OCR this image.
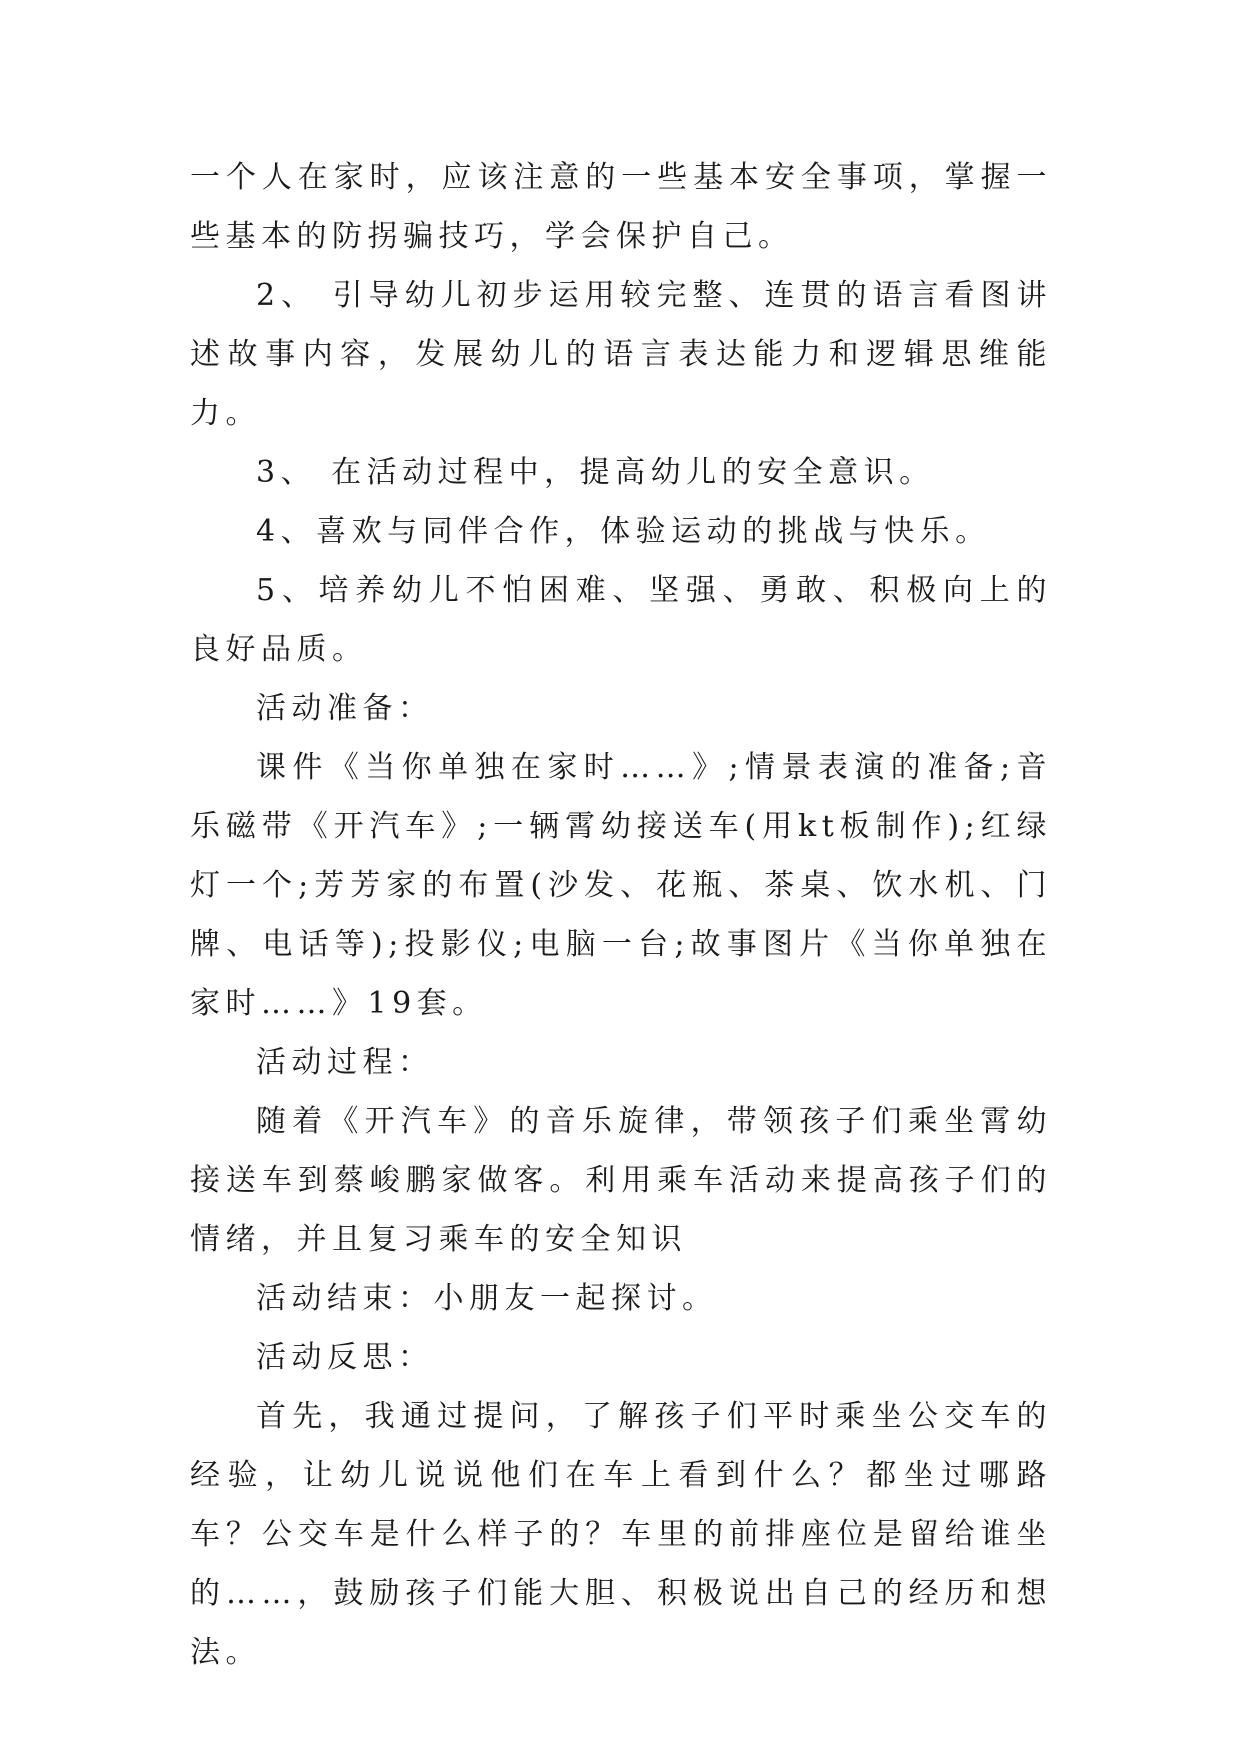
一个人在家时，应该注意的一些基本安全事项，掌握一些基本的防拐骗技巧，学会保护自己。

2、 引导幼儿初步运用较完整、连贯的语言看图讲述故事内容，发展幼儿的语言表达能力和逻辑思维能力。

3、 在活动过程中，提高幼儿的安全意识。

4、喜欢与同伴合作，体验运动的挑战与快乐。

5、培养幼儿不怕困难、坚强、勇敢、积极向上的良好品质。

活动准备：

课件《当你单独在家时……》;情景表演的准备;音乐磁带《开汽车》;一辆霄幼接送车(用kt板制作);红绿灯一个;芳芳家的布置(沙发、花瓶、茶桌、饮水机、门牌、电话等);投影仪;电脑一台;故事图片《当你单独在家时……》19套。

活动过程：

随着《开汽车》的音乐旋律，带领孩子们乘坐霄幼接送车到蔡峻鹏家做客。利用乘车活动来提高孩子们的情绪，并且复习乘车的安全知识

活动结束：小朋友一起探讨。

活动反思：

首先，我通过提问，了解孩子们平时乘坐公交车的经验，让幼儿说说他们在车上看到什么？都坐过哪路车？公交车是什么样子的？车里的前排座位是留给谁坐的……，鼓励孩子们能大胆、积极说出自己的经历和想法。
